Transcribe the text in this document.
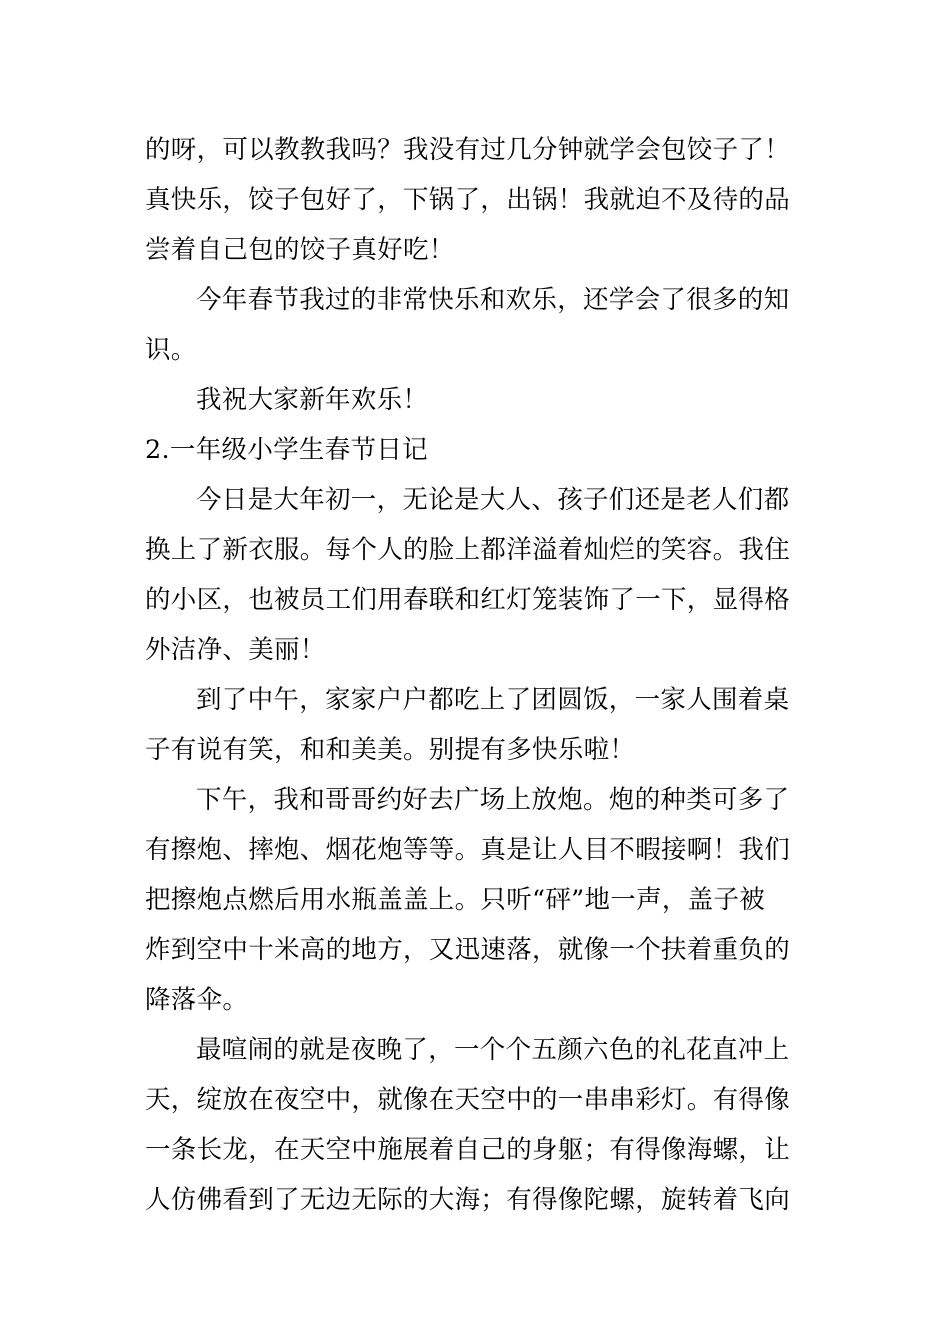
的呀，可以教教我吗？我没有过几分钟就学会包饺子了！
真快乐，饺子包好了，下锅了，出锅！我就迫不及待的品
尝着自己包的饺子真好吃！
今年春节我过的非常快乐和欢乐，还学会了很多的知
识。
我祝大家新年欢乐！
2.一年级小学生春节日记
今日是大年初一，无论是大人、孩子们还是老人们都
换上了新衣服。每个人的脸上都洋溢着灿烂的笑容。我住
的小区，也被员工们用春联和红灯笼装饰了一下，显得格
外洁净、美丽！
到了中午，家家户户都吃上了团圆饭，一家人围着桌
子有说有笑，和和美美。别提有多快乐啦！
下午，我和哥哥约好去广场上放炮。炮的种类可多了
有擦炮、摔炮、烟花炮等等。真是让人目不暇接啊！我们
把擦炮点燃后用水瓶盖盖上。只听“砰”地一声，盖子被
炸到空中十米高的地方，又迅速落，就像一个扶着重负的
降落伞。
最喧闹的就是夜晚了，一个个五颜六色的礼花直冲上
天，绽放在夜空中，就像在天空中的一串串彩灯。有得像
一条长龙，在天空中施展着自己的身躯；有得像海螺，让
人仿佛看到了无边无际的大海；有得像陀螺，旋转着飞向
